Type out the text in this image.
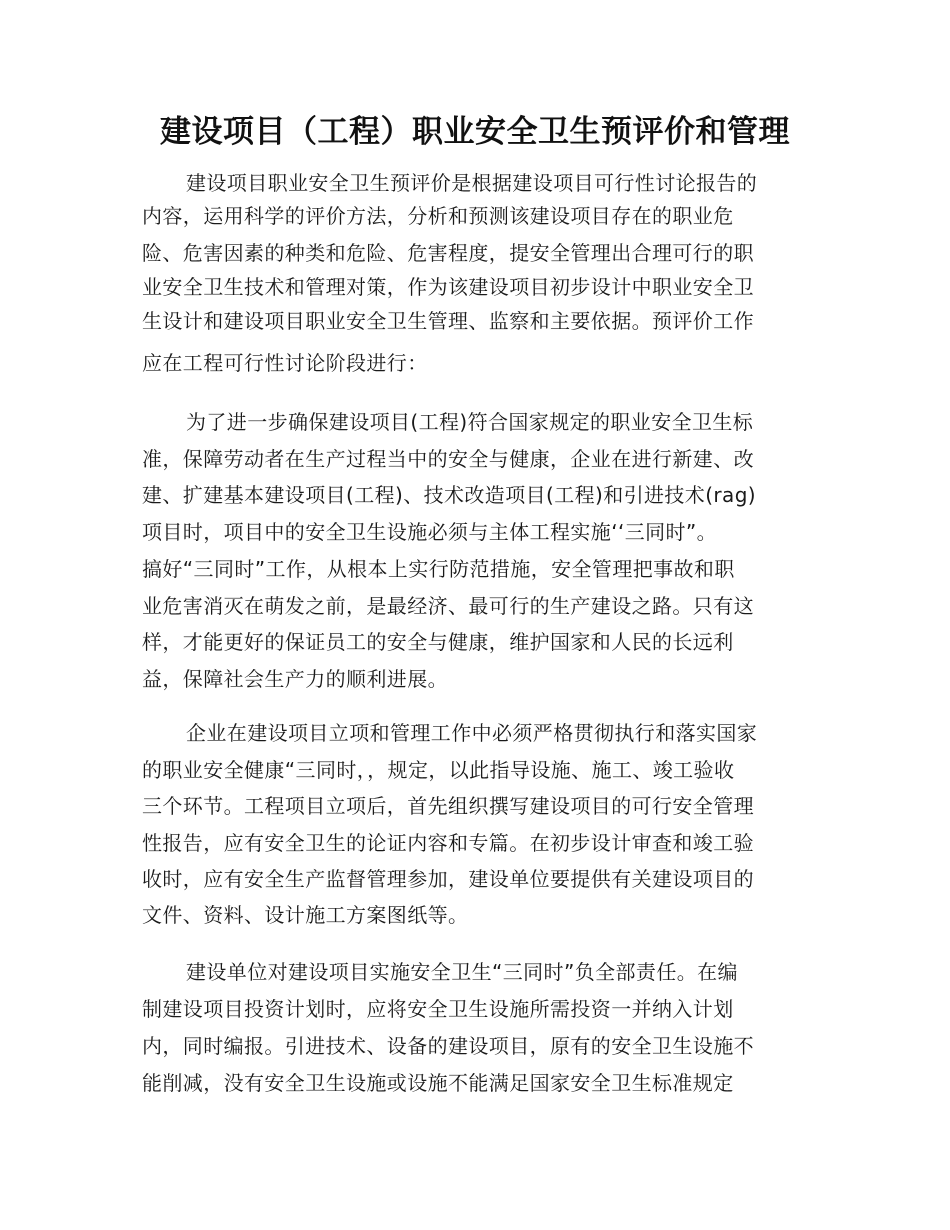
建设项目（工程）职业安全卫生预评价和管理
建设项目职业安全卫生预评价是根据建设项目可行性讨论报告的
内容，运用科学的评价方法，分析和预测该建设项目存在的职业危
险、危害因素的种类和危险、危害程度，提安全管理出合理可行的职
业安全卫生技术和管理对策，作为该建设项目初步设计中职业安全卫
生设计和建设项目职业安全卫生管理、监察和主要依据。预评价工作
应在工程可行性讨论阶段进行：
为了进一步确保建设项目(工程)符合国家规定的职业安全卫生标
准，保障劳动者在生产过程当中的安全与健康，企业在进行新建、改
建、扩建基本建设项目(工程)、技术改造项目(工程)和引进技术(rag)
项目时，项目中的安全卫生设施必须与主体工程实施‘‘三同时”。
搞好“三同时”工作，从根本上实行防范措施，安全管理把事故和职
业危害消灭在萌发之前，是最经济、最可行的生产建设之路。只有这
样，才能更好的保证员工的安全与健康，维护国家和人民的长远利
益，保障社会生产力的顺利进展。
企业在建设项目立项和管理工作中必须严格贯彻执行和落实国家
的职业安全健康“三同时，，规定，以此指导设施、施工、竣工验收
三个环节。工程项目立项后，首先组织撰写建设项目的可行安全管理
性报告，应有安全卫生的论证内容和专篇。在初步设计审查和竣工验
收时，应有安全生产监督管理参加，建设单位要提供有关建设项目的
文件、资料、设计施工方案图纸等。
建设单位对建设项目实施安全卫生“三同时”负全部责任。在编
制建设项目投资计划时，应将安全卫生设施所需投资一并纳入计划
内，同时编报。引进技术、设备的建设项目，原有的安全卫生设施不
能削减，没有安全卫生设施或设施不能满足国家安全卫生标准规定
